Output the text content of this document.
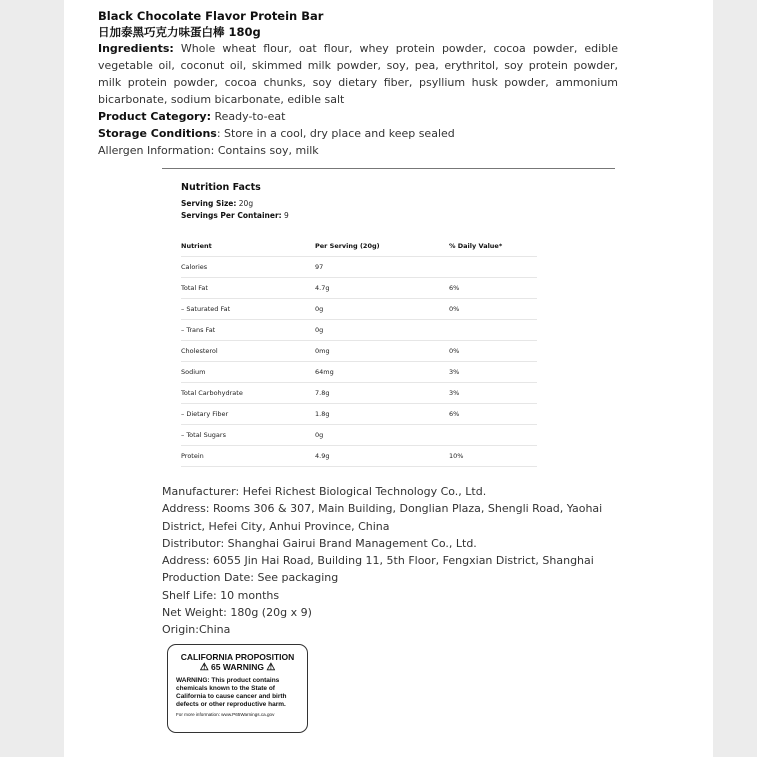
Black Chocolate Flavor Protein Bar
日加泰黑巧克力味蛋白棒 180g
Ingredients: Whole wheat flour, oat flour, whey protein powder, cocoa powder, edible vegetable oil, coconut oil, skimmed milk powder, soy, pea, erythritol, soy protein powder, milk protein powder, cocoa chunks, soy dietary fiber, psyllium husk powder, ammonium bicarbonate, sodium bicarbonate, edible salt
Product Category: Ready-to-eat
Storage Conditions: Store in a cool, dry place and keep sealed
Allergen Information: Contains soy, milk
Nutrition Facts
Serving Size: 20g
Servings Per Container: 9
Nutrient	Per Serving (20g)	% Daily Value*
Calories	97
Total Fat	4.7g	6%
– Saturated Fat	0g	0%
– Trans Fat	0g
Cholesterol	0mg	0%
Sodium	64mg	3%
Total Carbohydrate	7.8g	3%
– Dietary Fiber	1.8g	6%
– Total Sugars	0g
Protein	4.9g	10%
Manufacturer: Hefei Richest Biological Technology Co., Ltd.
Address: Rooms 306 & 307, Main Building, Donglian Plaza, Shengli Road, Yaohai District, Hefei City, Anhui Province, China
Distributor: Shanghai Gairui Brand Management Co., Ltd.
Address: 6055 Jin Hai Road, Building 11, 5th Floor, Fengxian District, Shanghai
Production Date: See packaging
Shelf Life: 10 months
Net Weight: 180g (20g x 9)
Origin:China
CALIFORNIA PROPOSITION
⚠ 65 WARNING ⚠
WARNING: This product contains chemicals known to the State of California to cause cancer and birth defects or other reproductive harm.
For more information: www.P65Warnings.ca.gov
